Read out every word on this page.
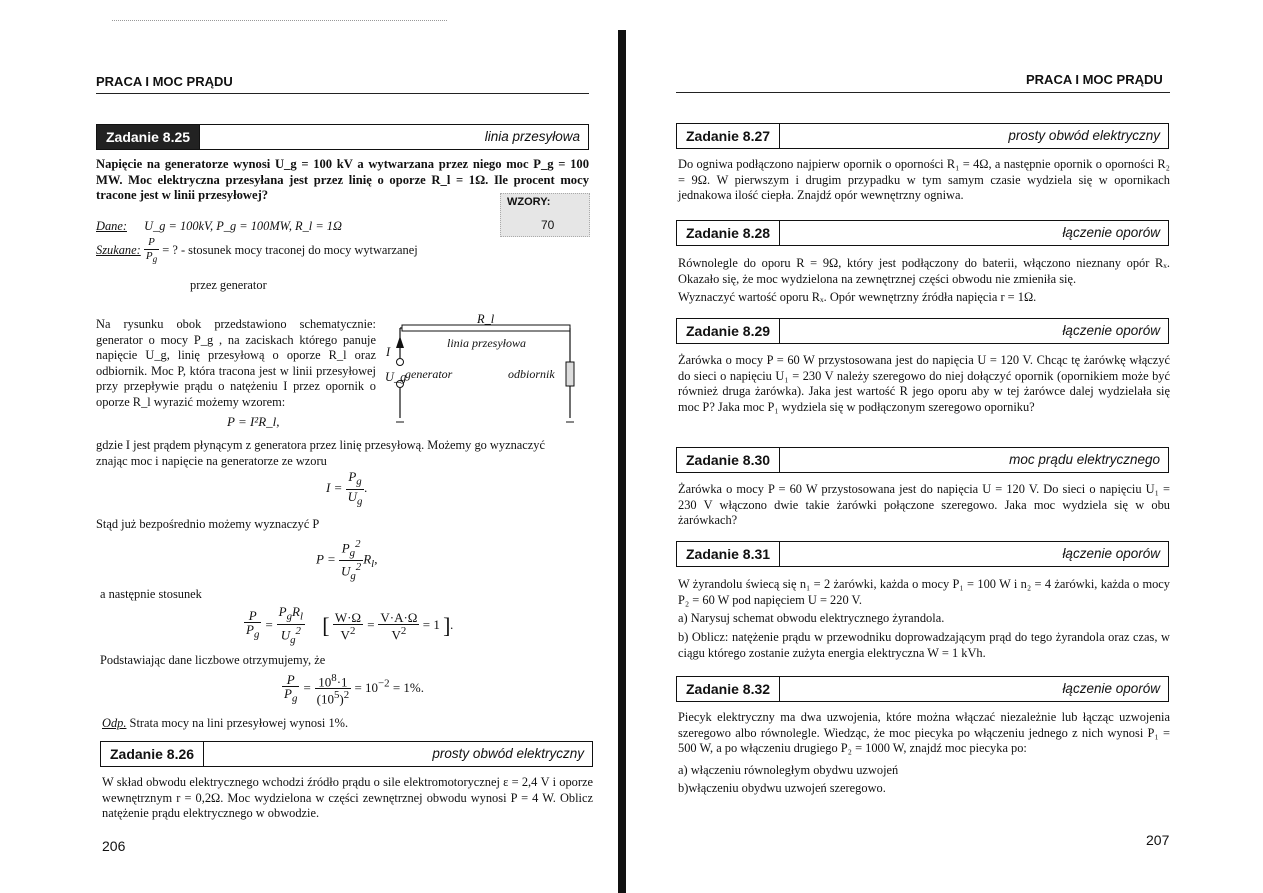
PRACA I MOC PRĄDU
Zadanie 8.25	linia przesyłowa
Napięcie na generatorze wynosi U_g = 100 kV a wytwarzana przez niego moc P_g = 100 MW. Moc elektryczna przesyłana jest przez linię o oporze R_l = 1Ω. Ile procent mocy tracone jest w linii przesyłowej?	WZORY:
70
Dane: U_g = 100kV, P_g = 100MW, R_l = 1Ω
Szukane: $\frac{P}{P_g}$ = ? - stosunek mocy traconej do mocy wytwarzanej
przez generator
Na rysunku obok przedstawiono schematycznie: generator o mocy P_g , na zaciskach którego panuje napięcie U_g, linię przesyłową o oporze R_l oraz odbiornik. Moc P, która tracona jest w linii przesyłowej przy przepływie prądu o natężeniu I przez opornik o oporze R_l wyrazić możemy wzorem:
R_l
linia przesyłowa
I
U_g
generator	odbiornik
P = I²R_l,
gdzie I jest prądem płynącym z generatora przez linię przesyłową. Możemy go wyznaczyć znając moc i napięcie na generatorze ze wzoru
$I = \frac{P_g}{U_g}$ .
Stąd już bezpośrednio możemy wyznaczyć P
$P = \frac{P_g^2}{U_g^2} R_l$,
a następnie stosunek
$\frac{P}{P_g} = \frac{P_gR_l}{U_g^2}$ [ $\frac{W\cdot\Omega}{V^2} = \frac{V\cdot A\cdot\Omega}{V^2} = 1$ ].
Podstawiając dane liczbowe otrzymujemy, że
$\frac{P}{P_g} = \frac{10^8\cdot 1}{(10^5)^2} = 10^{-2} = 1\%$.
Odp. Strata mocy na lini przesyłowej wynosi 1%.
Zadanie 8.26	prosty obwód elektryczny
W skład obwodu elektrycznego wchodzi źródło prądu o sile elektromotorycznej ε = 2,4 V i oporze wewnętrznym r = 0,2Ω. Moc wydzielona w części zewnętrznej obwodu wynosi P = 4 W. Oblicz natężenie prądu elektrycznego w obwodzie.
206
PRACA I MOC PRĄDU
Zadanie 8.27	prosty obwód elektryczny
Do ogniwa podłączono najpierw opornik o oporności R₁ = 4Ω, a następnie opornik o oporności R₂ = 9Ω. W pierwszym i drugim przypadku w tym samym czasie wydziela się w opornikach jednakowa ilość ciepła. Znajdź opór wewnętrzny ogniwa.
Zadanie 8.28	łączenie oporów
Równolegle do oporu R = 9Ω, który jest podłączony do baterii, włączono nieznany opór Rₓ. Okazało się, że moc wydzielona na zewnętrznej części obwodu nie zmieniła się.
Wyznaczyć wartość oporu Rₓ. Opór wewnętrzny źródła napięcia r = 1Ω.
Zadanie 8.29	łączenie oporów
Żarówka o mocy P = 60 W przystosowana jest do napięcia U = 120 V. Chcąc tę żarówkę włączyć do sieci o napięciu U₁ = 230 V należy szeregowo do niej dołączyć opornik (opornikiem może być również druga żarówka). Jaka jest wartość R jego oporu aby w tej żarówce dalej wydzielała się moc P? Jaka moc P₁ wydziela się w podłączonym szeregowo oporniku?
Zadanie 8.30	moc prądu elektrycznego
Żarówka o mocy P = 60 W przystosowana jest do napięcia U = 120 V. Do sieci o napięciu U₁ = 230 V włączono dwie takie żarówki połączone szeregowo. Jaka moc wydziela się w obu żarówkach?
Zadanie 8.31	łączenie oporów
W żyrandolu świecą się n₁ = 2 żarówki, każda o mocy P₁ = 100 W i n₂ = 4 żarówki, każda o mocy P₂ = 60 W pod napięciem U = 220 V.
a) Narysuj schemat obwodu elektrycznego żyrandola.
b) Oblicz: natężenie prądu w przewodniku doprowadzającym prąd do tego żyrandola oraz czas, w ciągu którego zostanie zużyta energia elektryczna W = 1 kVh.
Zadanie 8.32	łączenie oporów
Piecyk elektryczny ma dwa uzwojenia, które można włączać niezależnie lub łącząc uzwojenia szeregowo albo równolegle. Wiedząc, że moc piecyka po włączeniu jednego z nich wynosi P₁ = 500 W, a po włączeniu drugiego P₂ = 1000 W, znajdź moc piecyka po:
a) włączeniu równoległym obydwu uzwojeń
b)włączeniu obydwu uzwojeń szeregowo.
207
